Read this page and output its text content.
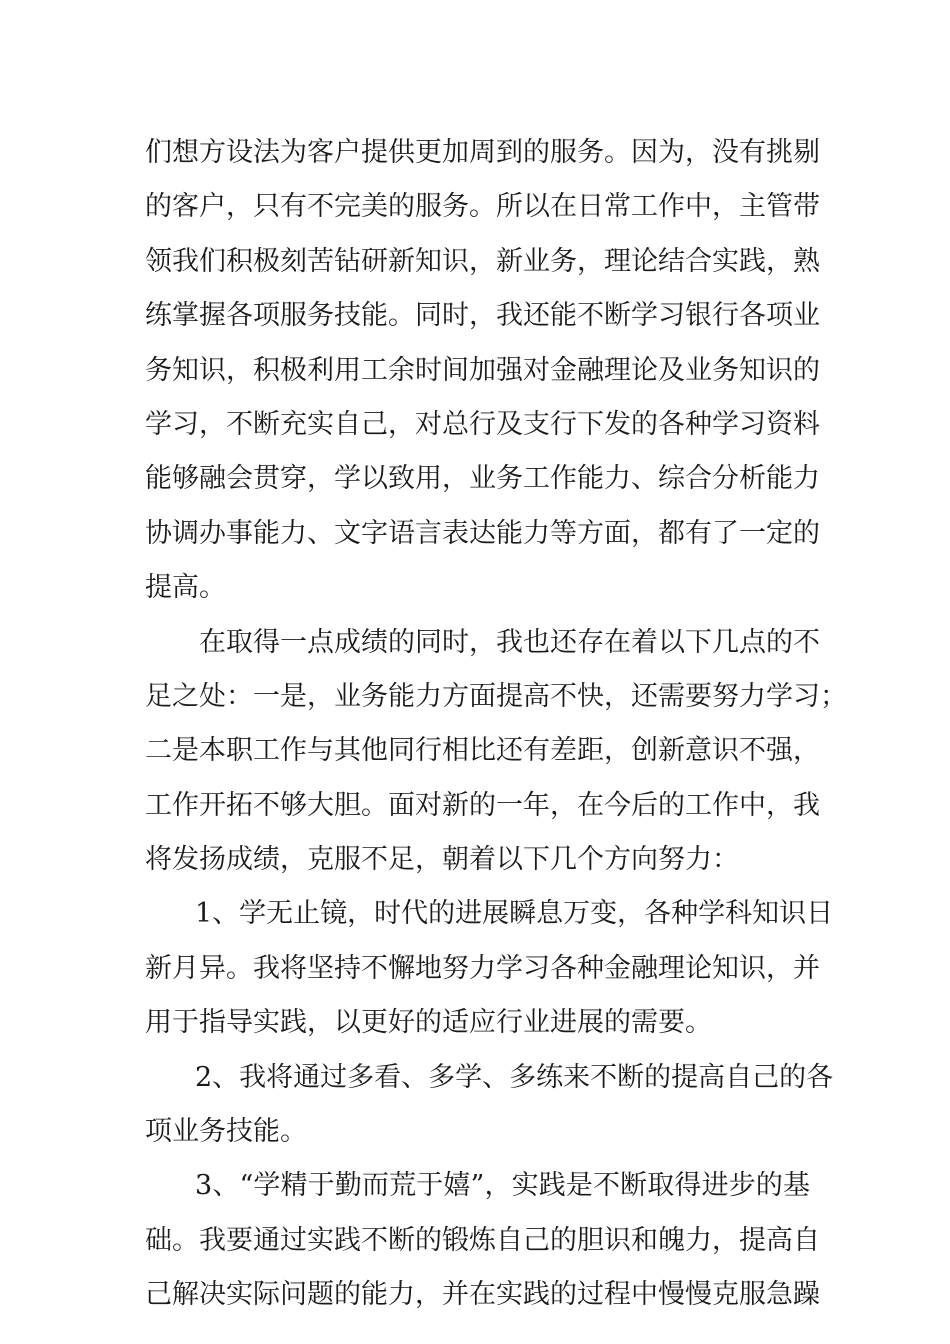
们想方设法为客户提供更加周到的服务。因为，没有挑剔
的客户，只有不完美的服务。所以在日常工作中，主管带
领我们积极刻苦钻研新知识，新业务，理论结合实践，熟
练掌握各项服务技能。同时，我还能不断学习银行各项业
务知识，积极利用工余时间加强对金融理论及业务知识的
学习，不断充实自己，对总行及支行下发的各种学习资料
能够融会贯穿，学以致用，业务工作能力、综合分析能力
协调办事能力、文字语言表达能力等方面，都有了一定的
提高。
在取得一点成绩的同时，我也还存在着以下几点的不
足之处：一是，业务能力方面提高不快，还需要努力学习；
二是本职工作与其他同行相比还有差距，创新意识不强，
工作开拓不够大胆。面对新的一年，在今后的工作中，我
将发扬成绩，克服不足，朝着以下几个方向努力：
1、学无止镜，时代的进展瞬息万变，各种学科知识日
新月异。我将坚持不懈地努力学习各种金融理论知识，并
用于指导实践，以更好的适应行业进展的需要。
2、我将通过多看、多学、多练来不断的提高自己的各
项业务技能。
3、“学精于勤而荒于嬉”，实践是不断取得进步的基
础。我要通过实践不断的锻炼自己的胆识和魄力，提高自
己解决实际问题的能力，并在实践的过程中慢慢克服急躁
